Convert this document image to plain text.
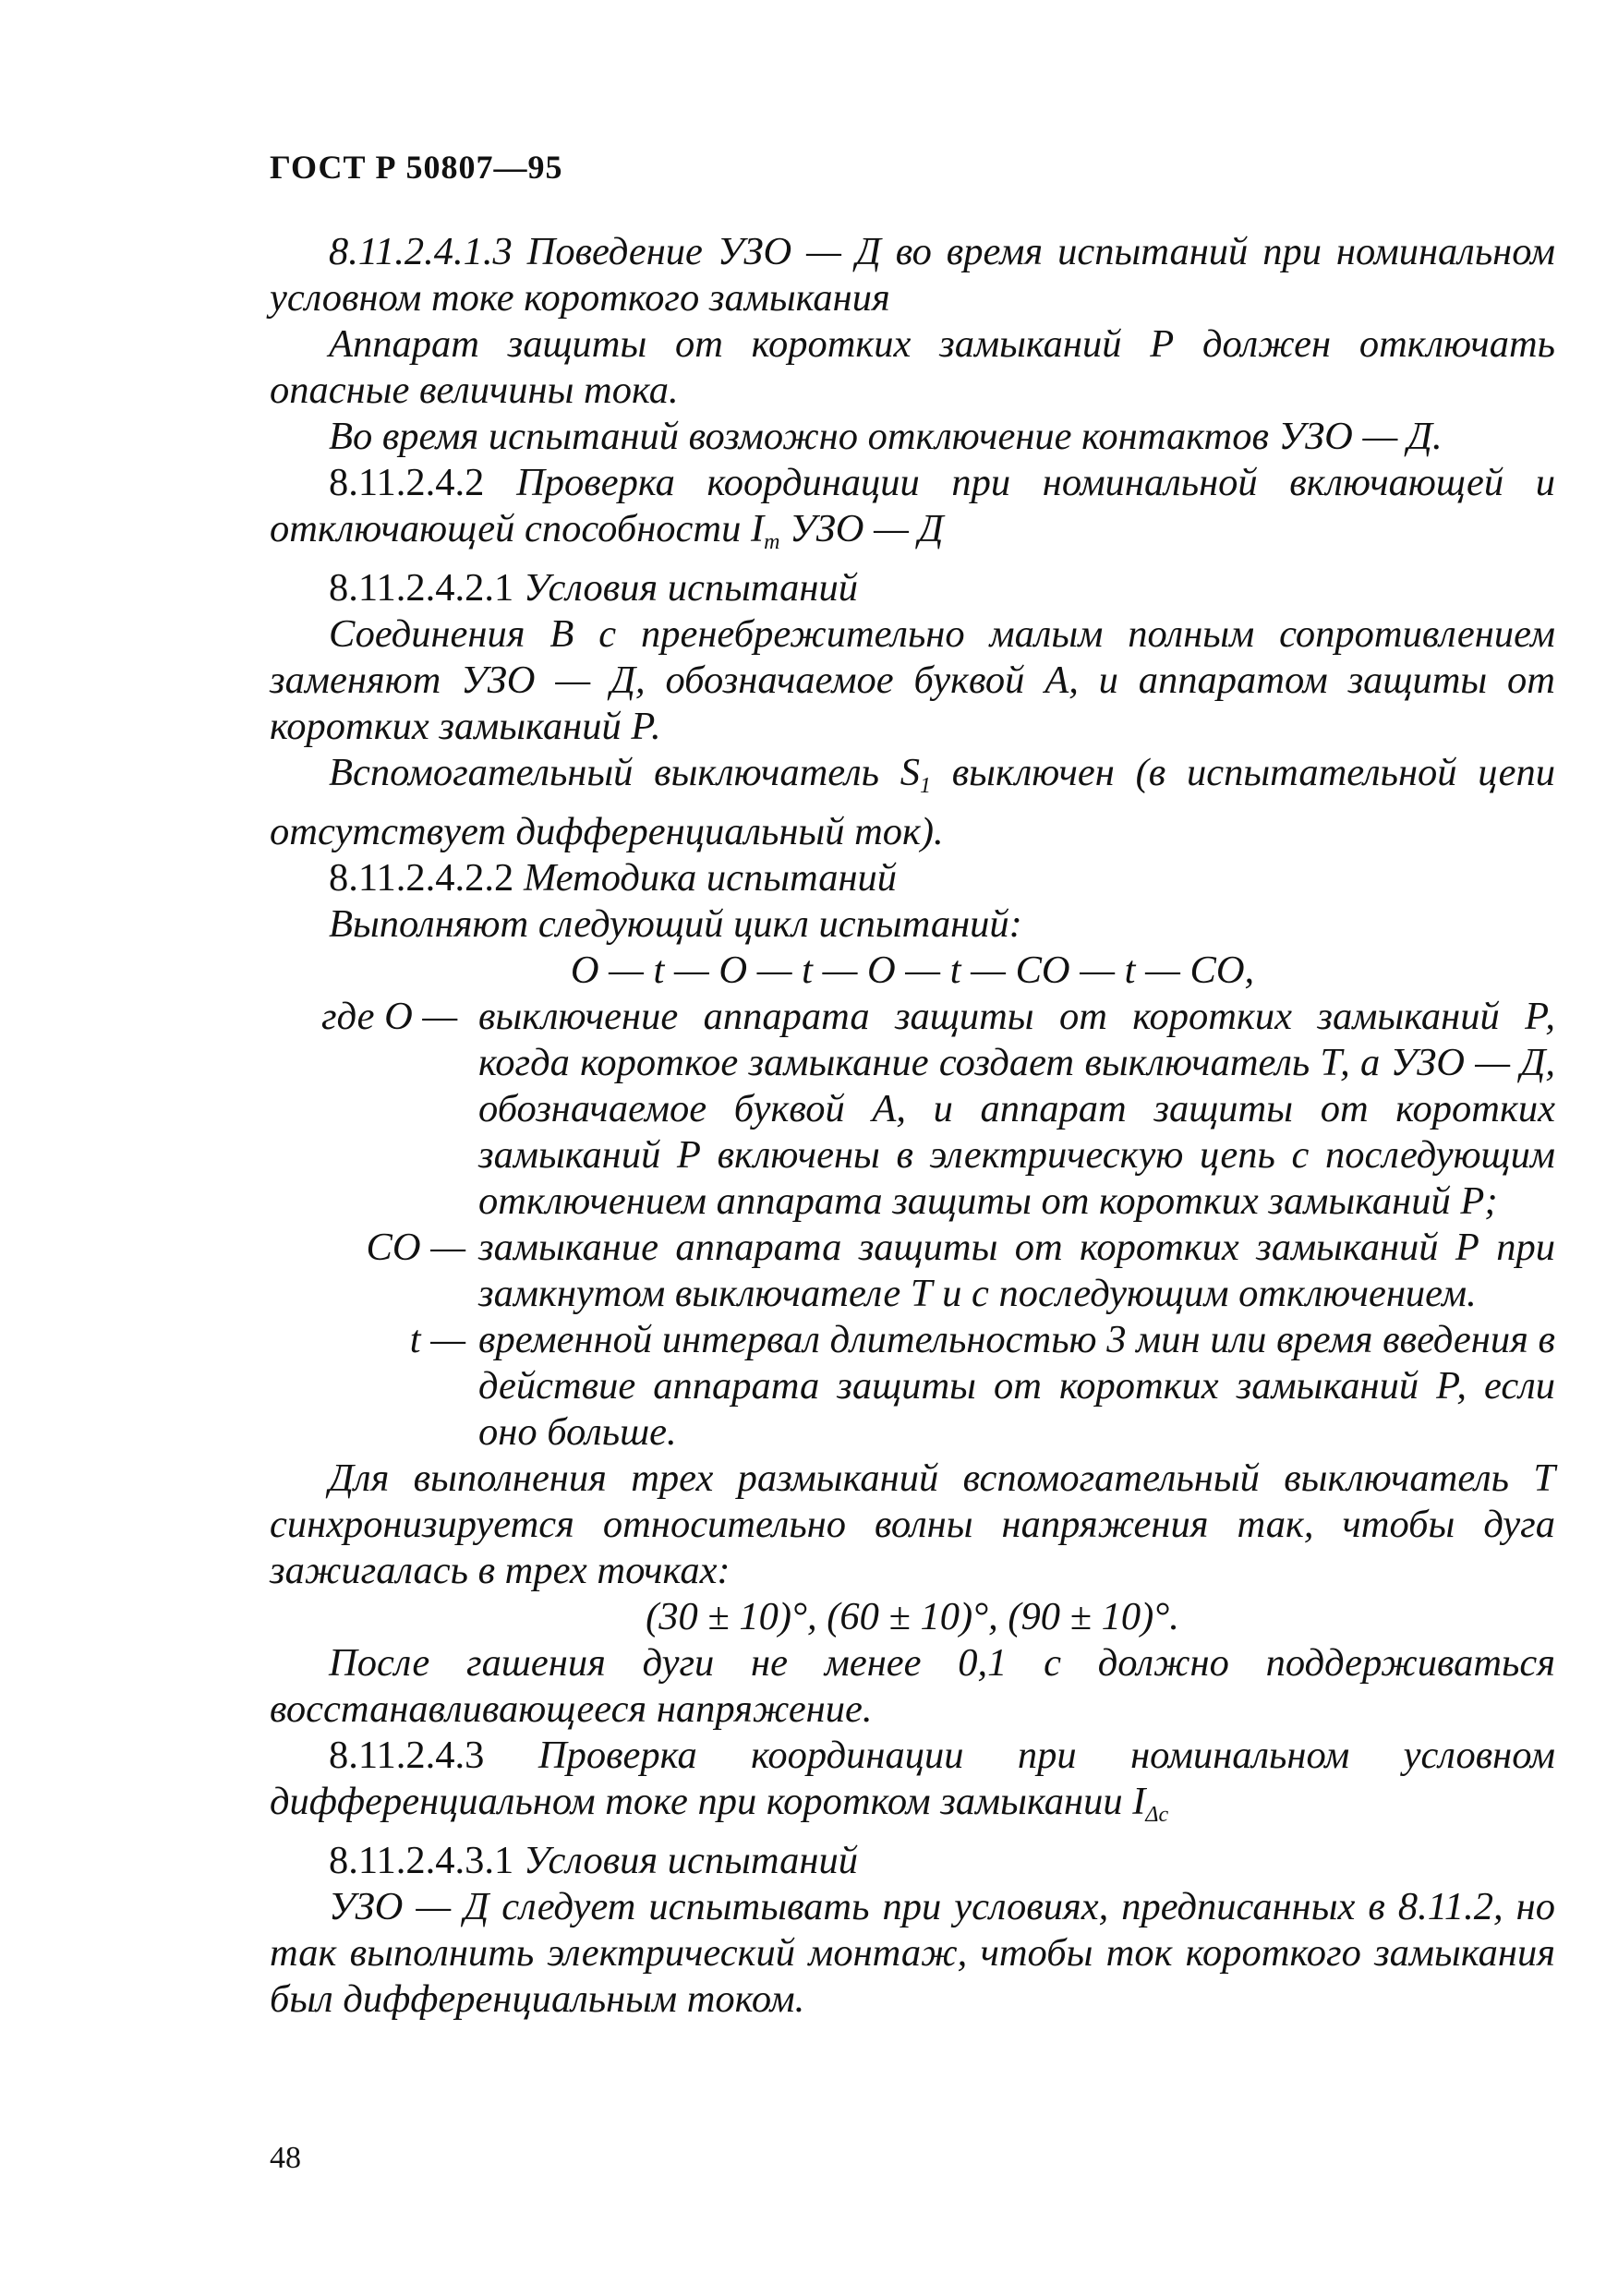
ГОСТ Р 50807—95

8.11.2.4.1.3 Поведение УЗО — Д во время испытаний при номинальном условном токе короткого замыкания

Аппарат защиты от коротких замыканий Р должен отключать опасные величины тока.

Во время испытаний возможно отключение контактов УЗО — Д.

8.11.2.4.2 Проверка координации при номинальной включающей и отключающей способности $I_m$ УЗО — Д

8.11.2.4.2.1 Условия испытаний

Соединения В с пренебрежительно малым полным сопротивлением заменяют УЗО — Д, обозначаемое буквой А, и аппаратом защиты от коротких замыканий Р.

Вспомогательный выключатель $S_1$ выключен (в испытательной цепи отсутствует дифференциальный ток).

8.11.2.4.2.2 Методика испытаний

Выполняют следующий цикл испытаний:

O — t — O — t — O — t — CO — t — CO,

где O — выключение аппарата защиты от коротких замыканий Р, когда короткое замыкание создает выключатель Т, а УЗО — Д, обозначаемое буквой А, и аппарат защиты от коротких замыканий Р включены в электрическую цепь с последующим отключением аппарата защиты от коротких замыканий Р;
CO — замыкание аппарата защиты от коротких замыканий Р при замкнутом выключателе Т и с последующим отключением.
t — временной интервал длительностью 3 мин или время введения в действие аппарата защиты от коротких замыканий Р, если оно больше.

Для выполнения трех размыканий вспомогательный выключатель Т синхронизируется относительно волны напряжения так, чтобы дуга зажигалась в трех точках:

(30 ± 10)°, (60 ± 10)°, (90 ± 10)°.

После гашения дуги не менее 0,1 с должно поддерживаться восстанавливающееся напряжение.

8.11.2.4.3 Проверка координации при номинальном условном дифференциальном токе при коротком замыкании $I_{\Delta c}$

8.11.2.4.3.1 Условия испытаний

УЗО — Д следует испытывать при условиях, предписанных в 8.11.2, но так выполнить электрический монтаж, чтобы ток короткого замыкания был дифференциальным током.

48
